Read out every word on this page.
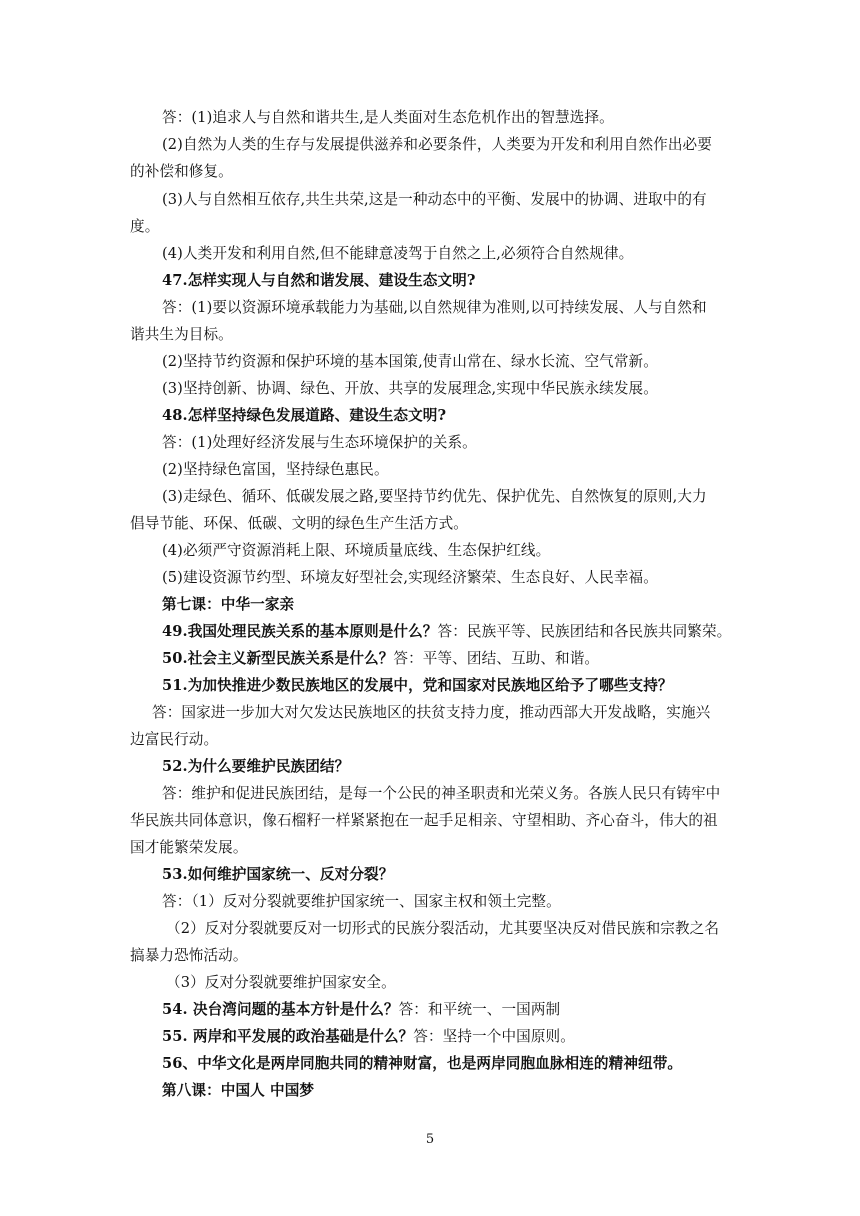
答：(1)追求人与自然和谐共生,是人类面对生态危机作出的智慧选择。
(2)自然为人类的生存与发展提供滋养和必要条件，人类要为开发和利用自然作出必要
的补偿和修复。
(3)人与自然相互依存,共生共荣,这是一种动态中的平衡、发展中的协调、进取中的有
度。
(4)人类开发和利用自然,但不能肆意凌驾于自然之上,必须符合自然规律。
47.怎样实现人与自然和谐发展、建设生态文明?
答：(1)要以资源环境承载能力为基础,以自然规律为准则,以可持续发展、人与自然和
谐共生为目标。
(2)坚持节约资源和保护环境的基本国策,使青山常在、绿水长流、空气常新。
(3)坚持创新、协调、绿色、开放、共享的发展理念,实现中华民族永续发展。
48.怎样坚持绿色发展道路、建设生态文明?
答：(1)处理好经济发展与生态环境保护的关系。
(2)坚持绿色富国，坚持绿色惠民。
(3)走绿色、循环、低碳发展之路,要坚持节约优先、保护优先、自然恢复的原则,大力
倡导节能、环保、低碳、文明的绿色生产生活方式。
(4)必须严守资源消耗上限、环境质量底线、生态保护红线。
(5)建设资源节约型、环境友好型社会,实现经济繁荣、生态良好、人民幸福。
第七课：中华一家亲
49.我国处理民族关系的基本原则是什么？答：民族平等、民族团结和各民族共同繁荣。
50.社会主义新型民族关系是什么？答：平等、团结、互助、和谐。
51.为加快推进少数民族地区的发展中，党和国家对民族地区给予了哪些支持？
答：国家进一步加大对欠发达民族地区的扶贫支持力度，推动西部大开发战略，实施兴
边富民行动。
52.为什么要维护民族团结？
答：维护和促进民族团结，是每一个公民的神圣职责和光荣义务。各族人民只有铸牢中
华民族共同体意识，像石榴籽一样紧紧抱在一起手足相亲、守望相助、齐心奋斗，伟大的祖
国才能繁荣发展。
53.如何维护国家统一、反对分裂？
答：（1）反对分裂就要维护国家统一、国家主权和领土完整。
（2）反对分裂就要反对一切形式的民族分裂活动，尤其要坚决反对借民族和宗教之名
搞暴力恐怖活动。
（3）反对分裂就要维护国家安全。
54. 决台湾问题的基本方针是什么？答：和平统一、一国两制
55. 两岸和平发展的政治基础是什么？答：坚持一个中国原则。
56、中华文化是两岸同胞共同的精神财富，也是两岸同胞血脉相连的精神纽带。
第八课：中国人 中国梦
5
